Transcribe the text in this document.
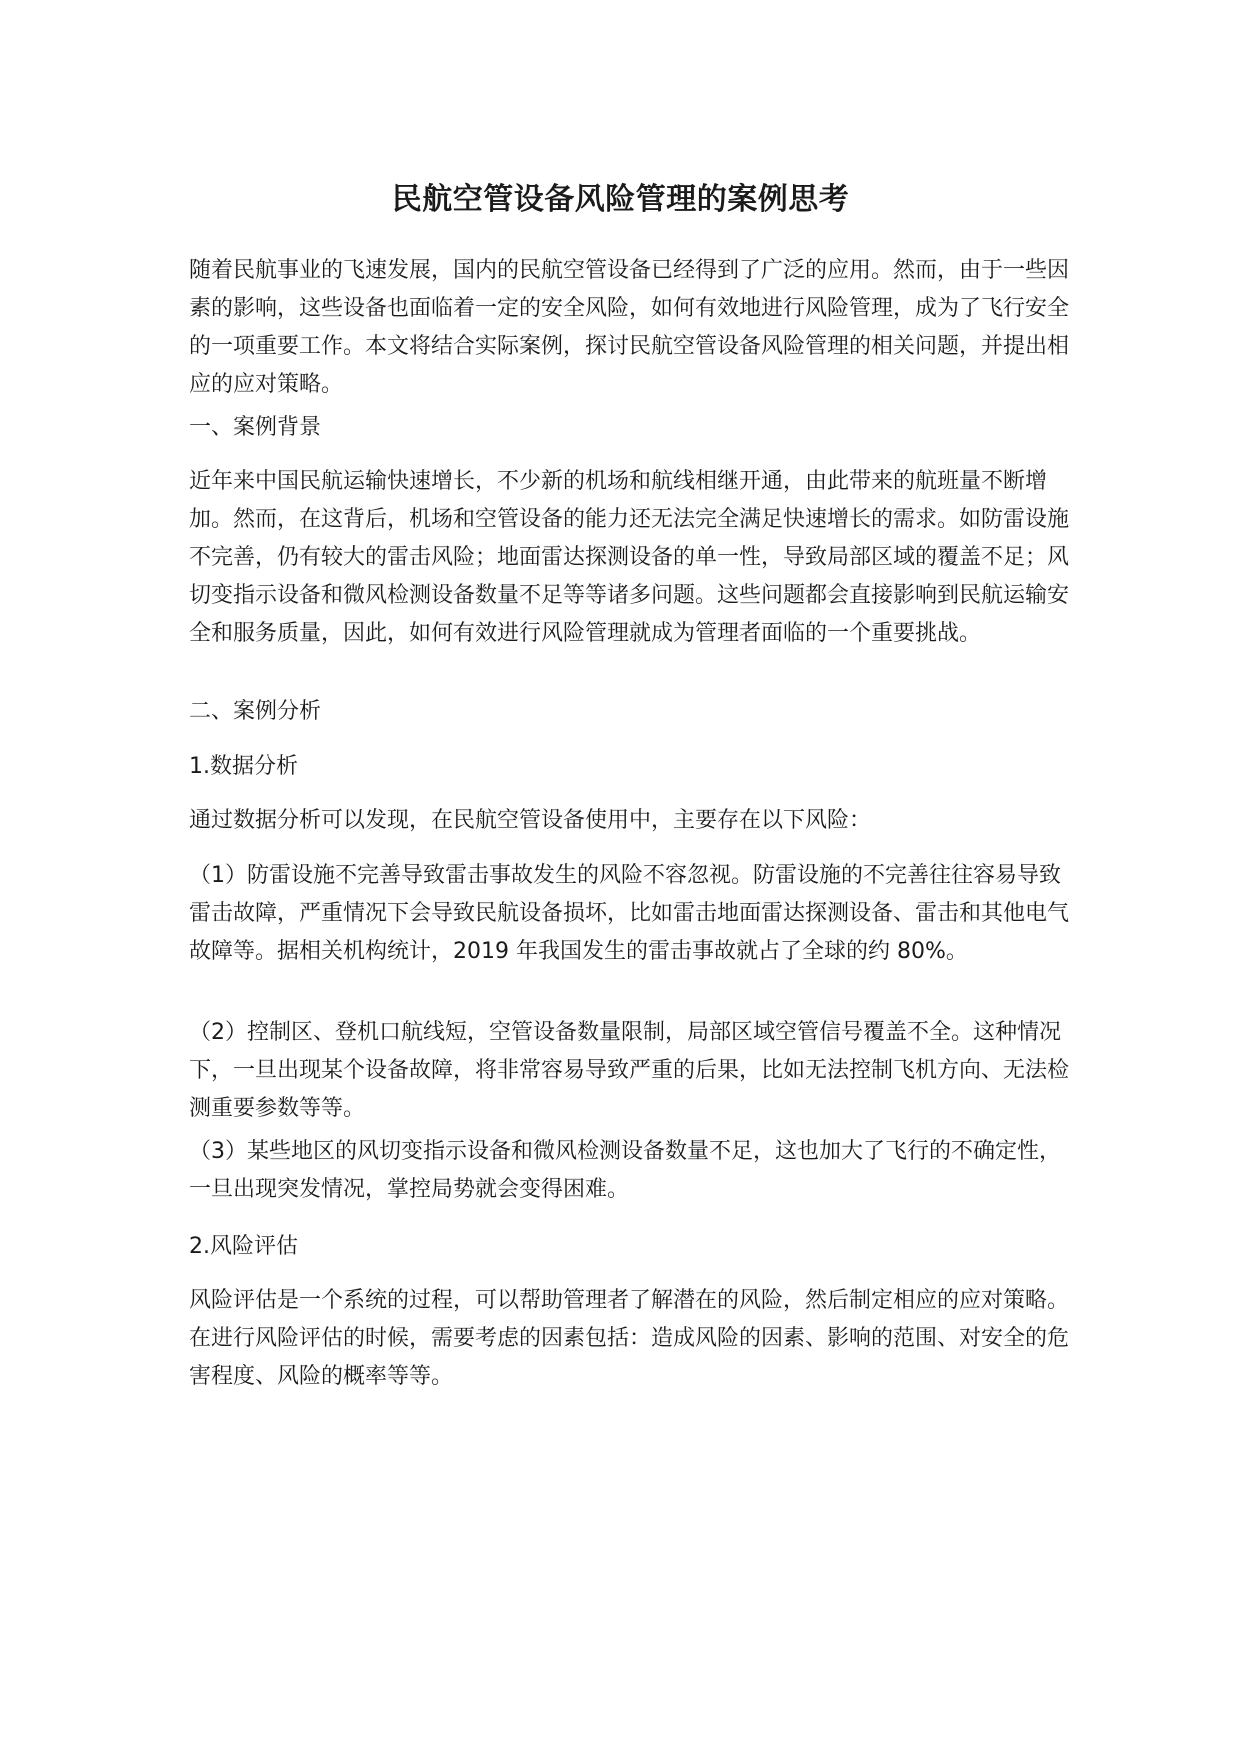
民航空管设备风险管理的案例思考

随着民航事业的飞速发展，国内的民航空管设备已经得到了广泛的应用。然而，由于一些因素的影响，这些设备也面临着一定的安全风险，如何有效地进行风险管理，成为了飞行安全的一项重要工作。本文将结合实际案例，探讨民航空管设备风险管理的相关问题，并提出相应的应对策略。

一、案例背景

近年来中国民航运输快速增长，不少新的机场和航线相继开通，由此带来的航班量不断增加。然而，在这背后，机场和空管设备的能力还无法完全满足快速增长的需求。如防雷设施不完善，仍有较大的雷击风险；地面雷达探测设备的单一性，导致局部区域的覆盖不足；风切变指示设备和微风检测设备数量不足等等诸多问题。这些问题都会直接影响到民航运输安全和服务质量，因此，如何有效进行风险管理就成为管理者面临的一个重要挑战。

二、案例分析

1.数据分析

通过数据分析可以发现，在民航空管设备使用中，主要存在以下风险：

（1）防雷设施不完善导致雷击事故发生的风险不容忽视。防雷设施的不完善往往容易导致雷击故障，严重情况下会导致民航设备损坏，比如雷击地面雷达探测设备、雷击和其他电气故障等。据相关机构统计，2019 年我国发生的雷击事故就占了全球的约 80%。

（2）控制区、登机口航线短，空管设备数量限制，局部区域空管信号覆盖不全。这种情况下，一旦出现某个设备故障，将非常容易导致严重的后果，比如无法控制飞机方向、无法检测重要参数等等。

（3）某些地区的风切变指示设备和微风检测设备数量不足，这也加大了飞行的不确定性，一旦出现突发情况，掌控局势就会变得困难。

2.风险评估

风险评估是一个系统的过程，可以帮助管理者了解潜在的风险，然后制定相应的应对策略。在进行风险评估的时候，需要考虑的因素包括：造成风险的因素、影响的范围、对安全的危害程度、风险的概率等等。
